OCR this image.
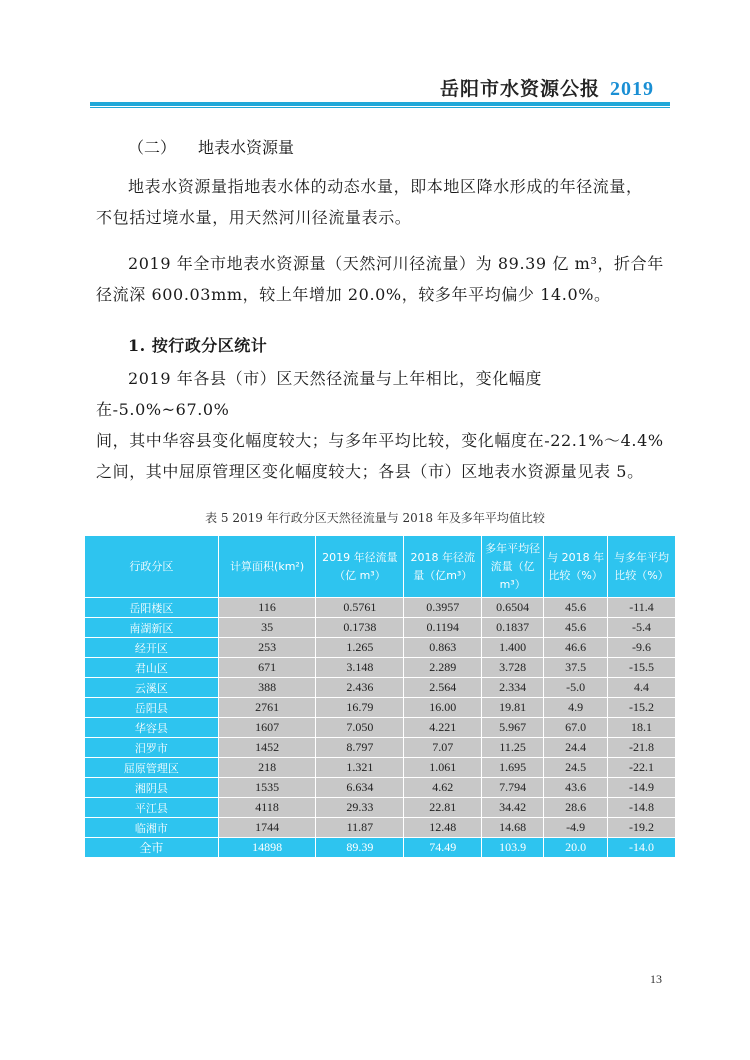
岳阳市水资源公报 2019
（二） 地表水资源量

地表水资源量指地表水体的动态水量，即本地区降水形成的年径流量，

不包括过境水量，用天然河川径流量表示。

2019 年全市地表水资源量（天然河川径流量）为 89.39 亿 m³，折合年

径流深 600.03mm，较上年增加 20.0%，较多年平均偏少 14.0%。

1. 按行政分区统计

2019 年各县（市）区天然径流量与上年相比，变化幅度在-5.0%~67.0%

间，其中华容县变化幅度较大；与多年平均比较，变化幅度在-22.1%～4.4%

之间，其中屈原管理区变化幅度较大；各县（市）区地表水资源量见表 5。

表 5 2019 年行政分区天然径流量与 2018 年及多年平均值比较
行政分区	计算面积(km²)	2019 年径流量（亿 m³）	2018 年径流量（亿m³）	多年平均径流量（亿 m³）	与 2018 年比较（%）	与多年平均比较（%）
岳阳楼区	116	0.5761	0.3957	0.6504	45.6	-11.4
南湖新区	35	0.1738	0.1194	0.1837	45.6	-5.4
经开区	253	1.265	0.863	1.400	46.6	-9.6
君山区	671	3.148	2.289	3.728	37.5	-15.5
云溪区	388	2.436	2.564	2.334	-5.0	4.4
岳阳县	2761	16.79	16.00	19.81	4.9	-15.2
华容县	1607	7.050	4.221	5.967	67.0	18.1
汨罗市	1452	8.797	7.07	11.25	24.4	-21.8
屈原管理区	218	1.321	1.061	1.695	24.5	-22.1
湘阴县	1535	6.634	4.62	7.794	43.6	-14.9
平江县	4118	29.33	22.81	34.42	28.6	-14.8
临湘市	1744	11.87	12.48	14.68	-4.9	-19.2
全市	14898	89.39	74.49	103.9	20.0	-14.0
13
